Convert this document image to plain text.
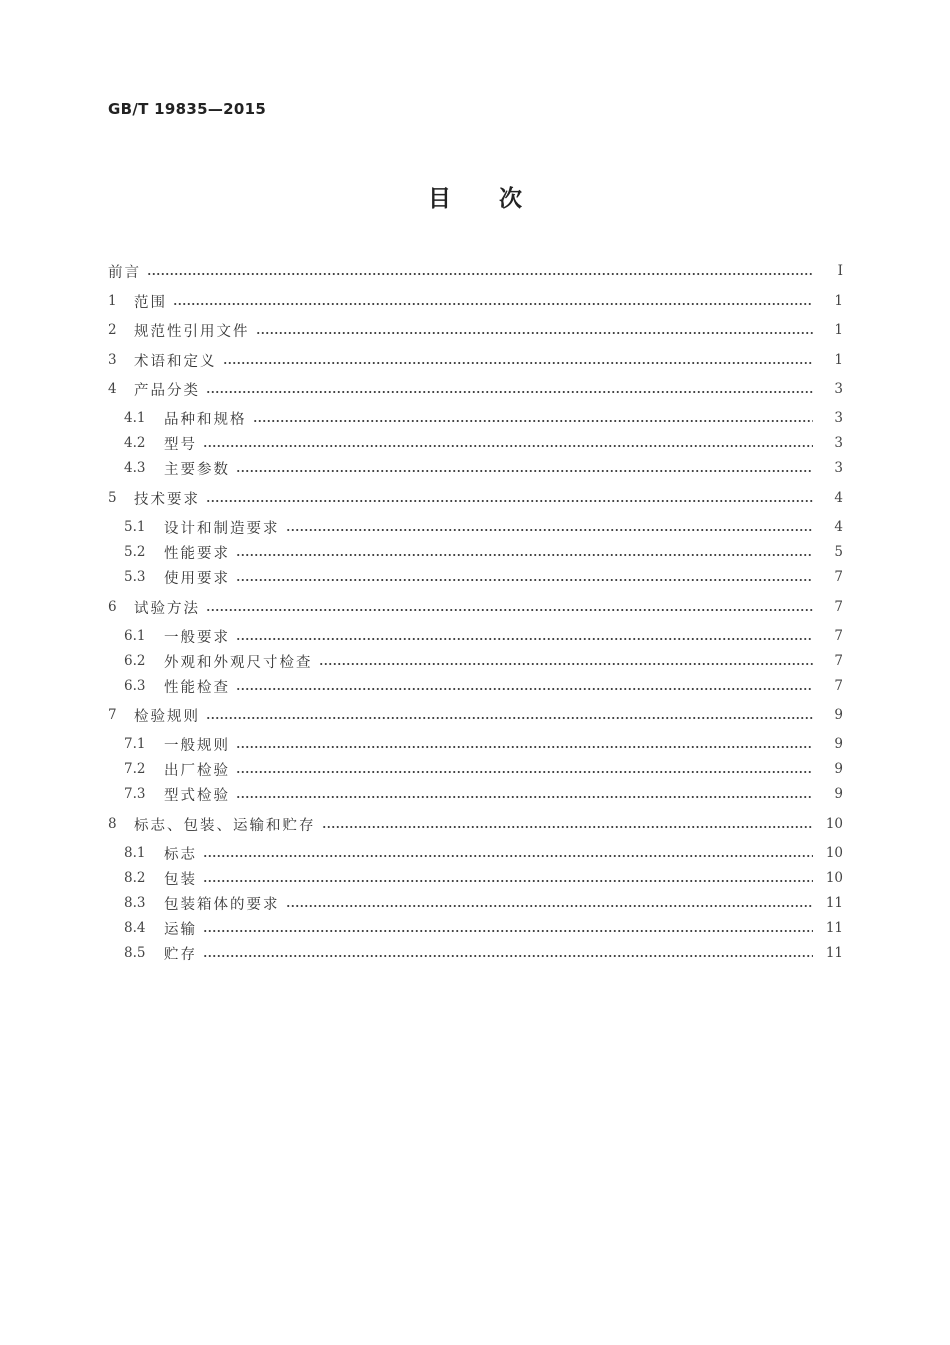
GB/T 19835—2015
目 次
前言	Ⅰ
1	范围	1
2	规范性引用文件	1
3	术语和定义	1
4	产品分类	3
4.1	品种和规格	3
4.2	型号	3
4.3	主要参数	3
5	技术要求	4
5.1	设计和制造要求	4
5.2	性能要求	5
5.3	使用要求	7
6	试验方法	7
6.1	一般要求	7
6.2	外观和外观尺寸检查	7
6.3	性能检查	7
7	检验规则	9
7.1	一般规则	9
7.2	出厂检验	9
7.3	型式检验	9
8	标志、包装、运输和贮存	10
8.1	标志	10
8.2	包装	10
8.3	包装箱体的要求	11
8.4	运输	11
8.5	贮存	11
